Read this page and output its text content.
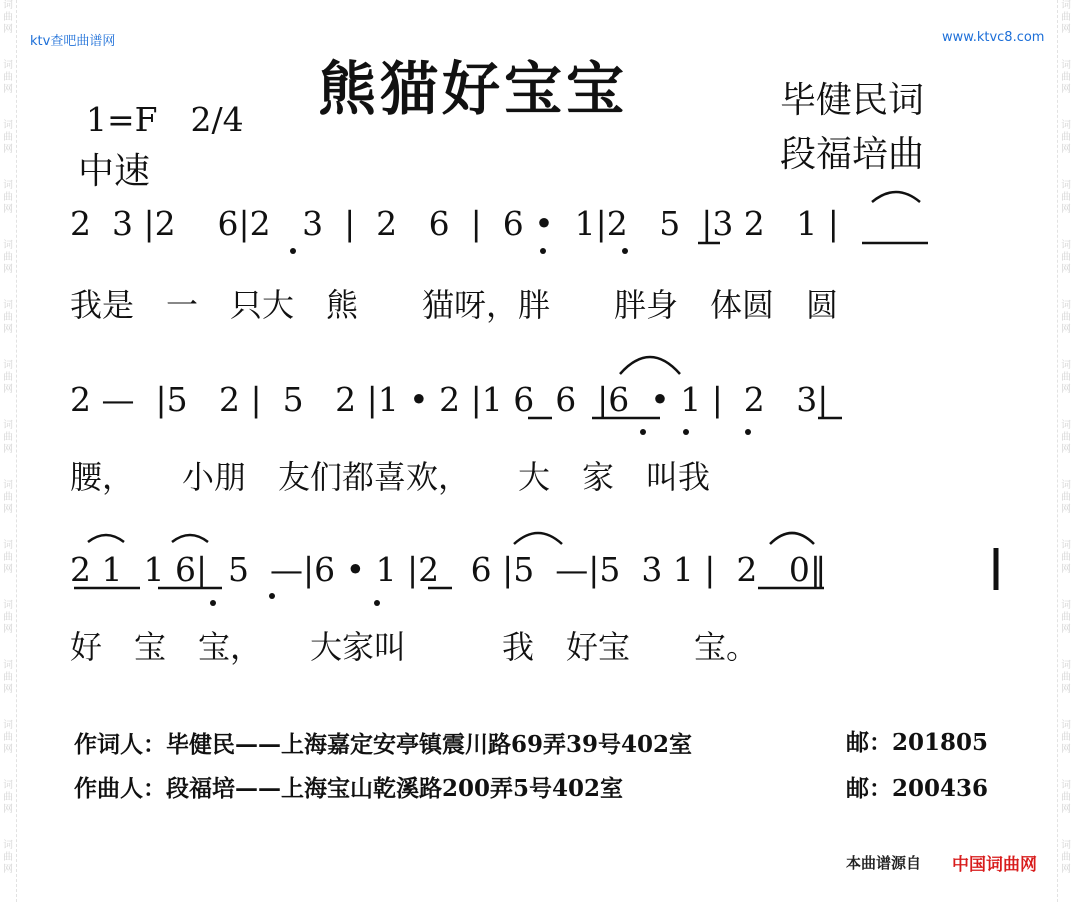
词
曲
网
词
曲
网
词
曲
网
词
曲
网
词
曲
网
词
曲
网
词
曲
网
词
曲
网
词
曲
网
词
曲
网
词
曲
网
词
曲
网
词
曲
网
词
曲
网
词
曲
网
词
曲
网
词
曲
网
词
曲
网
词
曲
网
词
曲
网
词
曲
网
词
曲
网
词
曲
网
词
曲
网
词
曲
网
词
曲
网
词
曲
网
词
曲
网
词
曲
网
词
曲
网
ktv查吧曲谱网	www.ktvc8.com
熊猫好宝宝
1=F　2/4
中速
毕健民词
段福培曲
2  3 |2    6|2   3  |  2   6  |  6 •  1|2   5  |3 2   1 |
我是　一　只大　熊　　猫呀，胖　　胖身　体圆　圆
2 —  |5   2 |  5   2 |1 • 2 |1 6  6  |6  • 1 |  2   3|
腰，　　小朋　友们都喜欢，　　大　家　叫我
2 1  1 6|  5  —|6 • 1 |2   6 |5  —|5  3 1 |  2   0‖
好　宝　宝，　　大家叫　　　我　好宝　　宝。
作词人：毕健民——上海嘉定安亭镇震川路69弄39号402室	邮：201805
作曲人：段福培——上海宝山乾溪路200弄5号402室	邮：200436
本曲谱源自 中国词曲网
